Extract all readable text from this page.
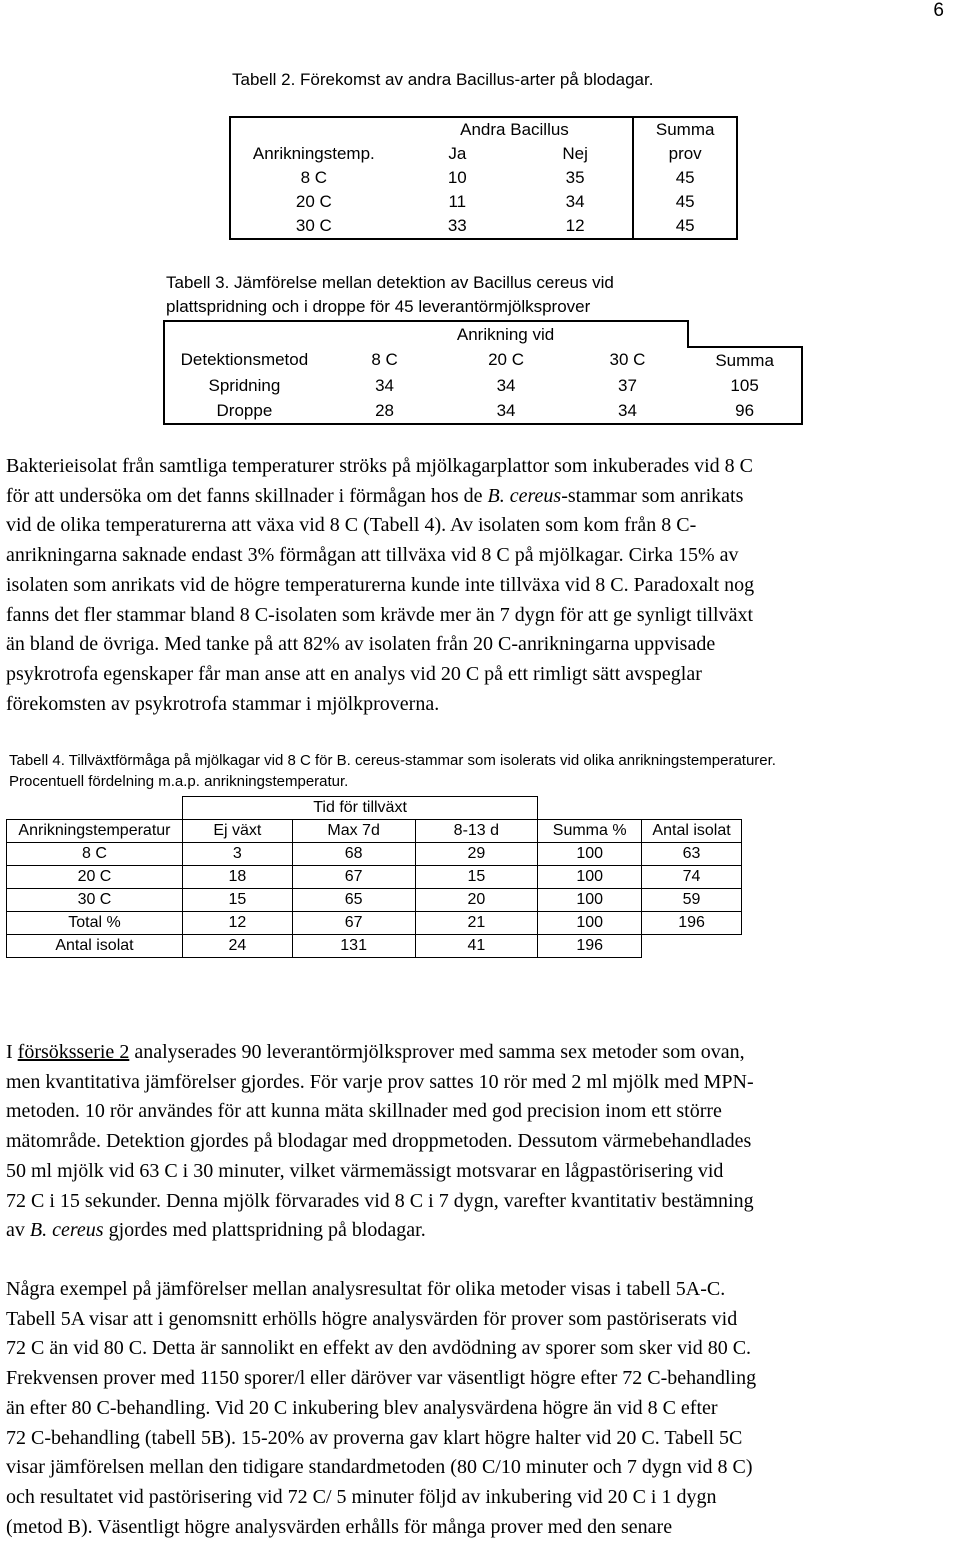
6
Tabell 2. Förekomst av andra Bacillus-arter på blodagar.
	Andra Bacillus		Summa
Anrikningstemp.	Ja	Nej	prov
8 C	10	35	45
20 C	11	34	45
30 C	33	12	45
Tabell 3. Jämförelse mellan detektion av Bacillus cereus vid
plattspridning och i droppe för 45 leverantörmjölksprover
	Anrikning vid			
Detektionsmetod	8 C	20 C	30 C	Summa
Spridning	34	34	37	105
Droppe	28	34	34	96

Bakterieisolat från samtliga temperaturer ströks på mjölkagarplattor som inkuberades vid 8 C

för att undersöka om det fanns skillnader i förmågan hos de B. cereus-stammar som anrikats

vid de olika temperaturerna att växa vid 8 C (Tabell 4). Av isolaten som kom från 8 C-

anrikningarna saknade endast 3% förmågan att tillväxa vid 8 C på mjölkagar. Cirka 15% av

isolaten som anrikats vid de högre temperaturerna kunde inte tillväxa vid 8 C. Paradoxalt nog

fanns det fler stammar bland 8 C-isolaten som krävde mer än 7 dygn för att ge synligt tillväxt

än bland de övriga. Med tanke på att 82% av isolaten från 20 C-anrikningarna uppvisade

psykrotrofa egenskaper får man anse att en analys vid 20 C på ett rimligt sätt avspeglar

förekomsten av psykrotrofa stammar i mjölkproverna.

Tabell 4. Tillväxtförmåga på mjölkagar vid 8 C för B. cereus-stammar som isolerats vid olika anrikningstemperaturer.
Procentuell fördelning m.a.p. anrikningstemperatur.
	Tid för tillväxt				
Anrikningstemperatur	Ej växt	Max 7d	8-13 d	Summa %	Antal isolat
8 C	3	68	29	100	63
20 C	18	67	15	100	74
30 C	15	65	20	100	59
Total %	12	67	21	100	196
Antal isolat	24	131	41	196	

I försöksserie 2 analyserades 90 leverantörmjölksprover med samma sex metoder som ovan,

men kvantitativa jämförelser gjordes. För varje prov sattes 10 rör med 2 ml mjölk med MPN-

metoden. 10 rör användes för att kunna mäta skillnader med god precision inom ett större

mätområde. Detektion gjordes på blodagar med droppmetoden. Dessutom värmebehandlades

50 ml mjölk vid 63 C i 30 minuter, vilket värmemässigt motsvarar en lågpastörisering vid

72 C i 15 sekunder. Denna mjölk förvarades vid 8 C i 7 dygn, varefter kvantitativ bestämning

av B. cereus gjordes med plattspridning på blodagar.

Några exempel på jämförelser mellan analysresultat för olika metoder visas i tabell 5A-C.

Tabell 5A visar att i genomsnitt erhölls högre analysvärden för prover som pastöriserats vid

72 C än vid 80 C. Detta är sannolikt en effekt av den avdödning av sporer som sker vid 80 C.

Frekvensen prover med 1150 sporer/l eller däröver var väsentligt högre efter 72 C-behandling

än efter 80 C-behandling. Vid 20 C inkubering blev analysvärdena högre än vid 8 C efter

72 C-behandling (tabell 5B). 15-20% av proverna gav klart högre halter vid 20 C. Tabell 5C

visar jämförelsen mellan den tidigare standardmetoden (80 C/10 minuter och 7 dygn vid 8 C)

och resultatet vid pastörisering vid 72 C/ 5 minuter följd av inkubering vid 20 C i 1 dygn

(metod B). Väsentligt högre analysvärden erhålls för många prover med den senare
